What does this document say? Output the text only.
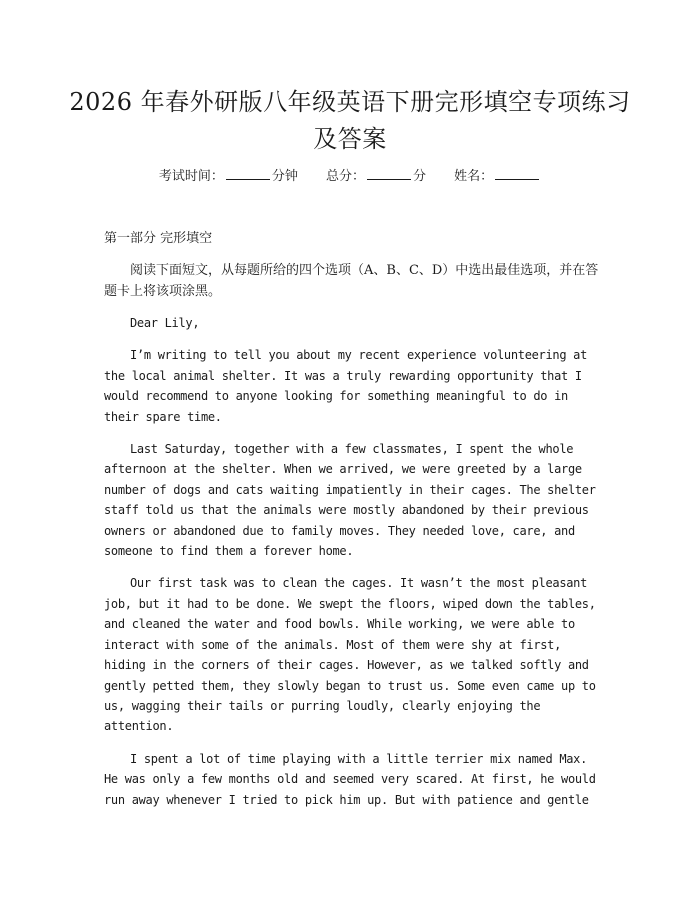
2026 年春外研版八年级英语下册完形填空专项练习及答案
考试时间：	分钟 总分：	分 姓名：
第一部分 完形填空
阅读下面短文，从每题所给的四个选项（A、B、C、D）中选出最佳选项，并在答题卡上将该项涂黑。

Dear Lily,

I’m writing to tell you about my recent experience volunteering at the local animal shelter. It was a truly rewarding opportunity that I would recommend to anyone looking for something meaningful to do in their spare time.

Last Saturday, together with a few classmates, I spent the whole afternoon at the shelter. When we arrived, we were greeted by a large number of dogs and cats waiting impatiently in their cages. The shelter staff told us that the animals were mostly abandoned by their previous owners or abandoned due to family moves. They needed love, care, and someone to find them a forever home.

Our first task was to clean the cages. It wasn’t the most pleasant job, but it had to be done. We swept the floors, wiped down the tables, and cleaned the water and food bowls. While working, we were able to interact with some of the animals. Most of them were shy at first, hiding in the corners of their cages. However, as we talked softly and gently petted them, they slowly began to trust us. Some even came up to us, wagging their tails or purring loudly, clearly enjoying the attention.

I spent a lot of time playing with a little terrier mix named Max. He was only a few months old and seemed very scared. At first, he would run away whenever I tried to pick him up. But with patience and gentle
